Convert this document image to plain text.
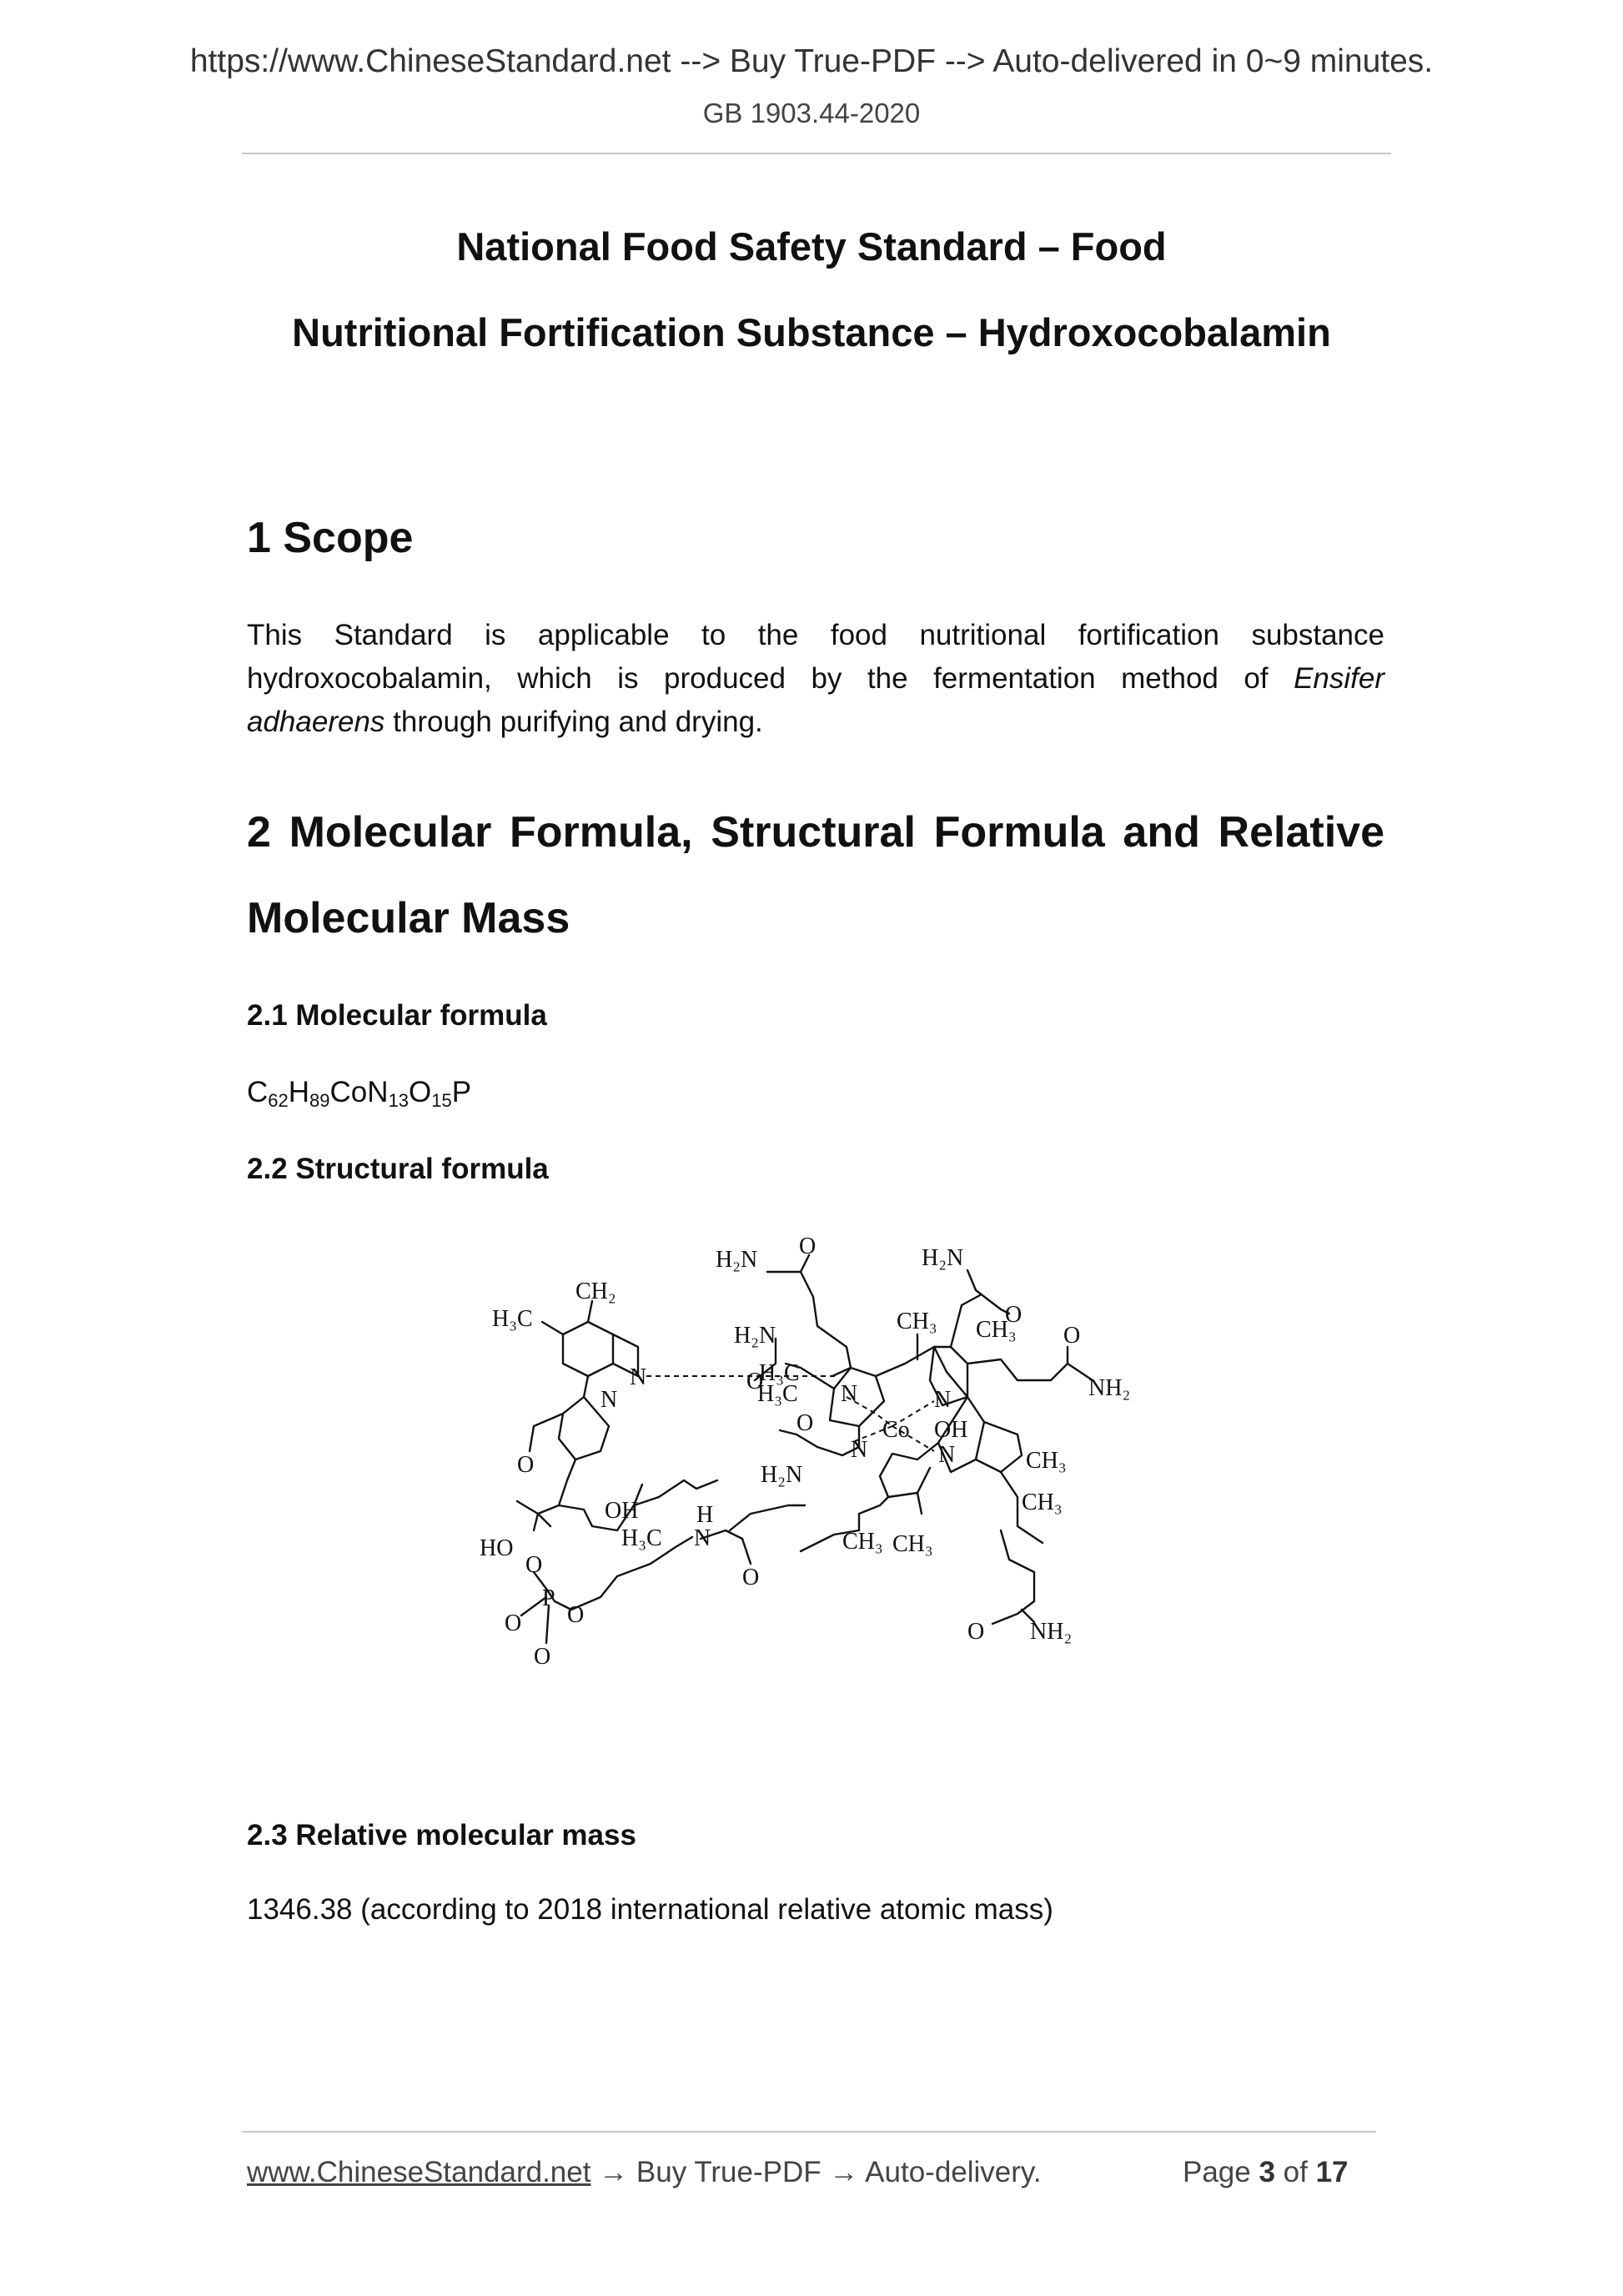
https://www.ChineseStandard.net --> Buy True-PDF --> Auto-delivered in 0~9 minutes.
GB 1903.44-2020
National Food Safety Standard – Food
Nutritional Fortification Substance – Hydroxocobalamin
1 Scope
This Standard is applicable to the food nutritional fortification substance
hydroxocobalamin, which is produced by the fermentation method of Ensifer
adhaerens through purifying and drying.
2 Molecular Formula, Structural Formula and Relative
Molecular Mass
2.1 Molecular formula
$C_{62}H_{89}CoN_{13}O_{15}P$
2.2 Structural formula
H₂N
O	H₂N
O
CH₂
H₃C
H₂N
CH₃ CH₃ O
NH₂
O
H₃C
H₃C N	N
N
N
Co OH
O
N	N
H₂N
CH₃
CH₃
O
OH H
N
H₃C	CH₃ CH₃
HO
O
P
O
O
O
O
O NH₂
2.3 Relative molecular mass
1346.38 (according to 2018 international relative atomic mass)
www.ChineseStandard.net → Buy True-PDF → Auto-delivery.	Page 3 of 17
